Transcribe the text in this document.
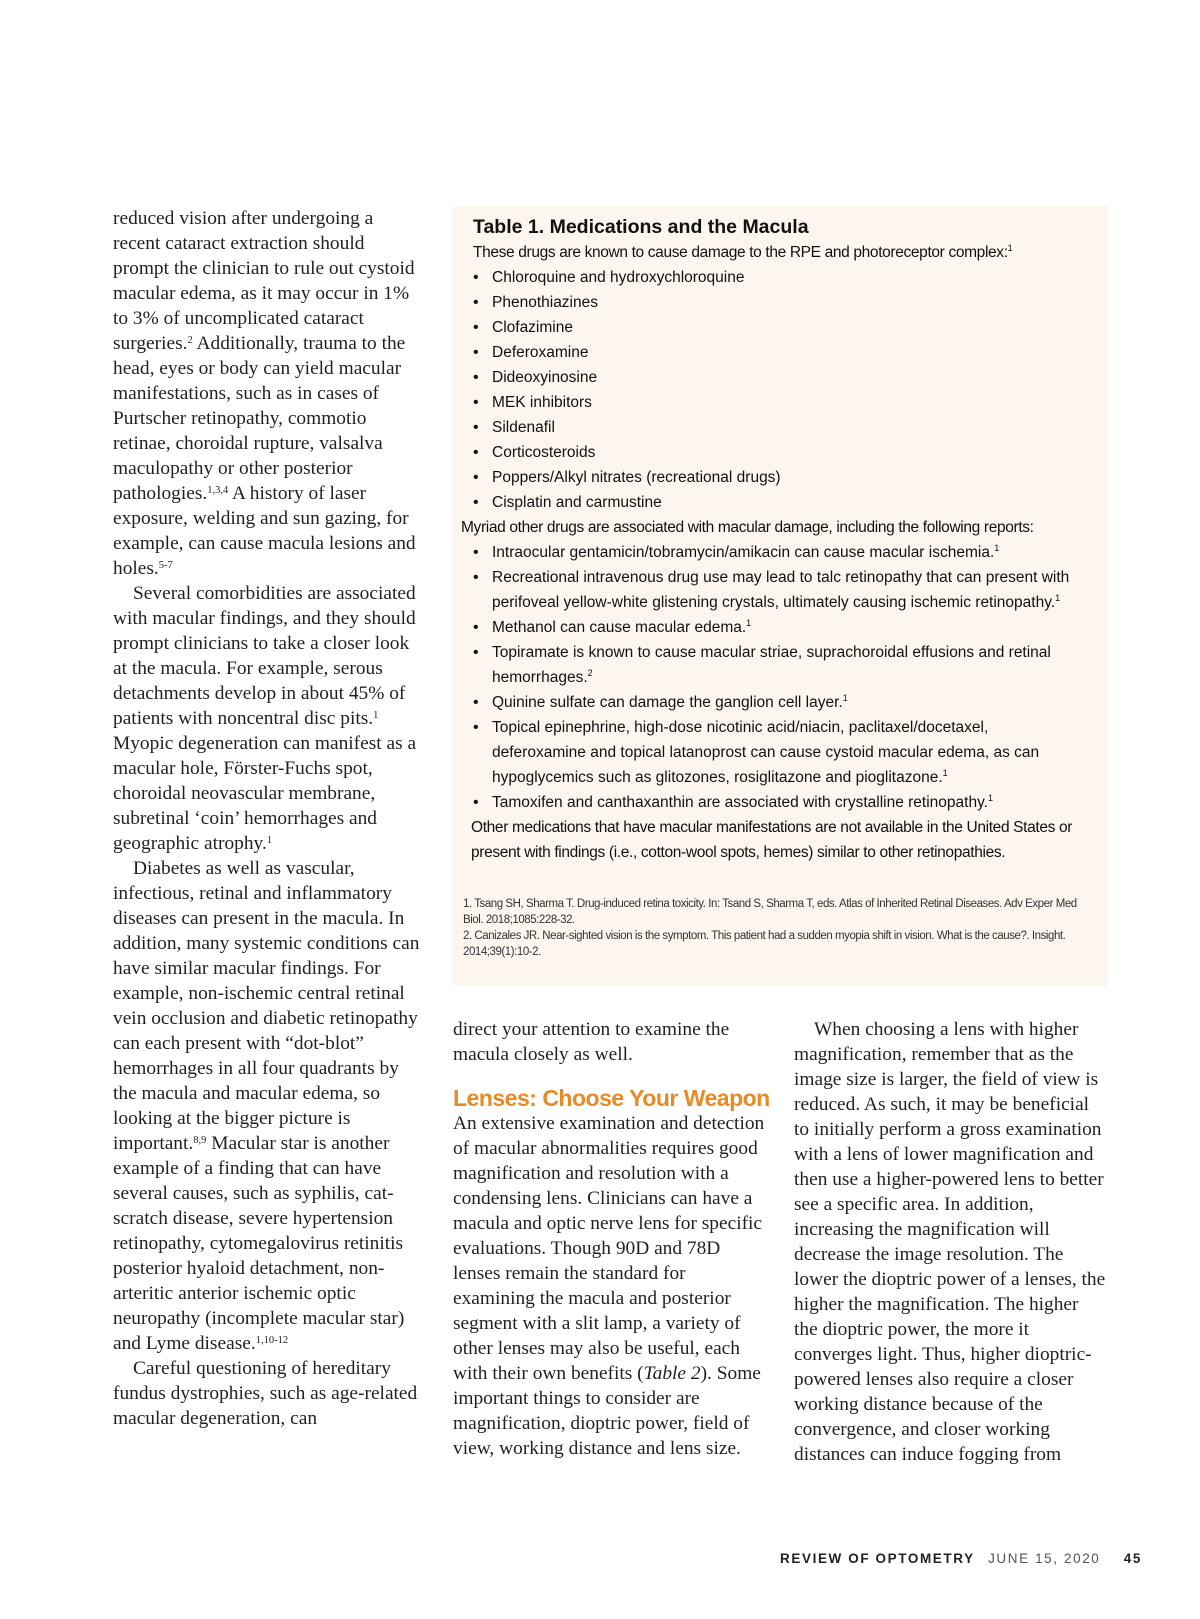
reduced vision after undergoing a recent cataract extraction should prompt the clinician to rule out cystoid macular edema, as it may occur in 1% to 3% of uncomplicated cataract surgeries.$^2$ Additionally, trauma to the head, eyes or body can yield macular manifestations, such as in cases of Purtscher retinopathy, commotio retinae, choroidal rupture, valsalva maculopathy or other posterior pathologies.$^{1,3,4}$ A history of laser exposure, welding and sun gazing, for example, can cause macula lesions and holes.$^{5-7}$

Several comorbidities are associated with macular findings, and they should prompt clinicians to take a closer look at the macula. For example, serous detachments develop in about 45% of patients with noncentral disc pits.$^1$ Myopic degeneration can manifest as a macular hole, Förster-Fuchs spot, choroidal neovascular membrane, subretinal ‘coin’ hemorrhages and geographic atrophy.$^1$

Diabetes as well as vascular, infectious, retinal and inflammatory diseases can present in the macula. In addition, many systemic conditions can have similar macular findings. For example, non-ischemic central retinal vein occlusion and diabetic retinopathy can each present with “dot-blot” hemorrhages in all four quadrants by the macula and macular edema, so looking at the bigger picture is important.$^{8,9}$ Macular star is another example of a finding that can have several causes, such as syphilis, cat-scratch disease, severe hypertension retinopathy, cytomegalovirus retinitis posterior hyaloid detachment, non-arteritic anterior ischemic optic neuropathy (incomplete macular star) and Lyme disease.$^{1,10-12}$

Careful questioning of hereditary fundus dystrophies, such as age-related macular degeneration, can

Table 1. Medications and the Macula
These drugs are known to cause damage to the RPE and photoreceptor complex:$^1$
• Chloroquine and hydroxychloroquine
• Phenothiazines
• Clofazimine
• Deferoxamine
• Dideoxyinosine
• MEK inhibitors
• Sildenafil
• Corticosteroids
• Poppers/Alkyl nitrates (recreational drugs)
• Cisplatin and carmustine
Myriad other drugs are associated with macular damage, including the following reports:
• Intraocular gentamicin/tobramycin/amikacin can cause macular ischemia.$^1$
• Recreational intravenous drug use may lead to talc retinopathy that can present with perifoveal yellow-white glistening crystals, ultimately causing ischemic retinopathy.$^1$
• Methanol can cause macular edema.$^1$
• Topiramate is known to cause macular striae, suprachoroidal effusions and retinal hemorrhages.$^2$
• Quinine sulfate can damage the ganglion cell layer.$^1$
• Topical epinephrine, high-dose nicotinic acid/niacin, paclitaxel/docetaxel, deferoxamine and topical latanoprost can cause cystoid macular edema, as can hypoglycemics such as glitozones, rosiglitazone and pioglitazone.$^1$
• Tamoxifen and canthaxanthin are associated with crystalline retinopathy.$^1$
Other medications that have macular manifestations are not available in the United States or present with findings (i.e., cotton-wool spots, hemes) similar to other retinopathies.

1. Tsang SH, Sharma T. Drug-induced retina toxicity. In: Tsand S, Sharma T, eds. Atlas of Inherited Retinal Diseases. Adv Exper Med Biol. 2018;1085:228-32.

2. Canizales JR. Near-sighted vision is the symptom. This patient had a sudden myopia shift in vision. What is the cause?. Insight. 2014;39(1):10-2.

direct your attention to examine the macula closely as well.

Lenses: Choose Your Weapon

An extensive examination and detection of macular abnormalities requires good magnification and resolution with a condensing lens. Clinicians can have a macula and optic nerve lens for specific evaluations. Though 90D and 78D lenses remain the standard for examining the macula and posterior segment with a slit lamp, a variety of other lenses may also be useful, each with their own benefits (Table 2). Some important things to consider are magnification, dioptric power, field of view, working distance and lens size.

When choosing a lens with higher magnification, remember that as the image size is larger, the field of view is reduced. As such, it may be beneficial to initially perform a gross examination with a lens of lower magnification and then use a higher-powered lens to better see a specific area. In addition, increasing the magnification will decrease the image resolution. The lower the dioptric power of a lenses, the higher the magnification. The higher the dioptric power, the more it converges light. Thus, higher dioptric-powered lenses also require a closer working distance because of the convergence, and closer working distances can induce fogging from

REVIEW OF OPTOMETRY JUNE 15, 2020 45
